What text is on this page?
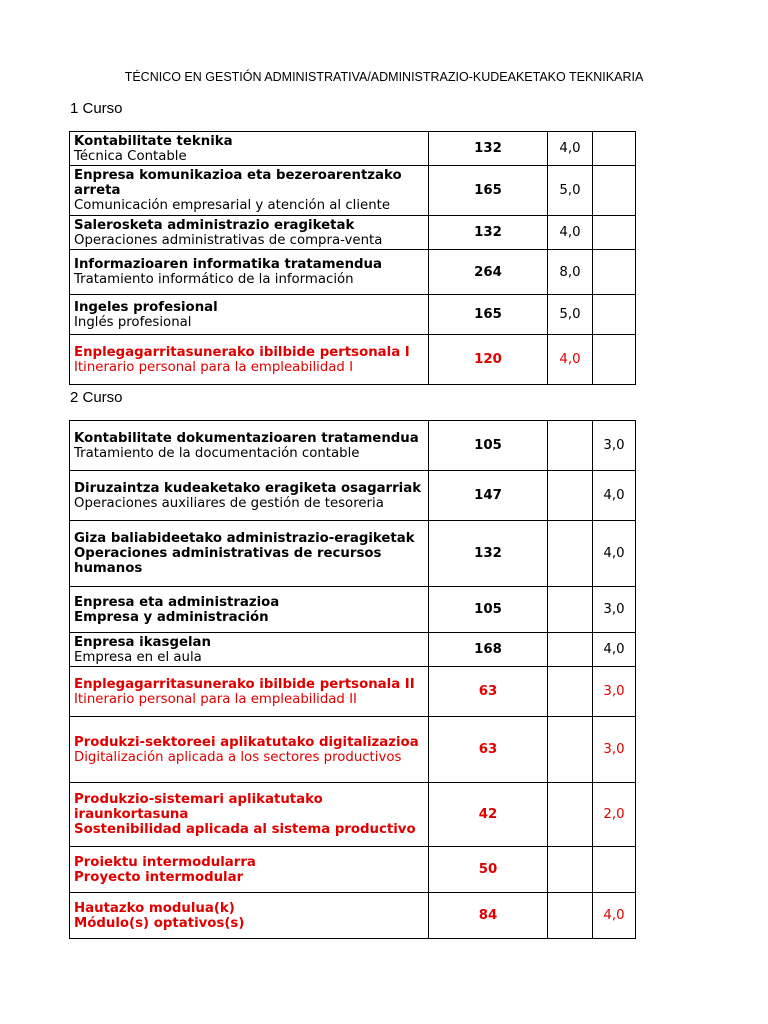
TÉCNICO EN GESTIÓN ADMINISTRATIVA/ADMINISTRAZIO-KUDEAKETAKO TEKNIKARIA
1 Curso
Kontabilitate teknika
Técnica Contable	132	4,0	

Enpresa komunikazioa eta bezeroarentzako arreta
Comunicación empresarial y atención al cliente	165	5,0	

Salerosketa administrazio eragiketak
Operaciones administrativas de compra-venta	132	4,0	

Informazioaren informatika tratamendua
Tratamiento informático de la información	264	8,0	

Ingeles profesional
Inglés profesional	165	5,0	

Enplegagarritasunerako ibilbide pertsonala I
Itinerario personal para la empleabilidad I	120	4,0	
2 Curso
Kontabilitate dokumentazioaren tratamendua
Tratamiento de la documentación contable	105		3,0

Diruzaintza kudeaketako eragiketa osagarriak
Operaciones auxiliares de gestión de tesoreria	147		4,0

Giza baliabideetako administrazio-eragiketak
Operaciones administrativas de recursos humanos	132		4,0

Enpresa eta administrazioa
Empresa y administración	105		3,0

Enpresa ikasgelan
Empresa en el aula	168		4,0

Enplegagarritasunerako ibilbide pertsonala II
Itinerario personal para la empleabilidad II	63		3,0

Produkzi-sektoreei aplikatutako digitalizazioa
Digitalización aplicada a los sectores productivos	63		3,0

Produkzio-sistemari aplikatutako iraunkortasuna
Sostenibilidad aplicada al sistema productivo	42		2,0

Proiektu intermodularra
Proyecto intermodular	50		

Hautazko modulua(k)
Módulo(s) optativos(s)	84		4,0
